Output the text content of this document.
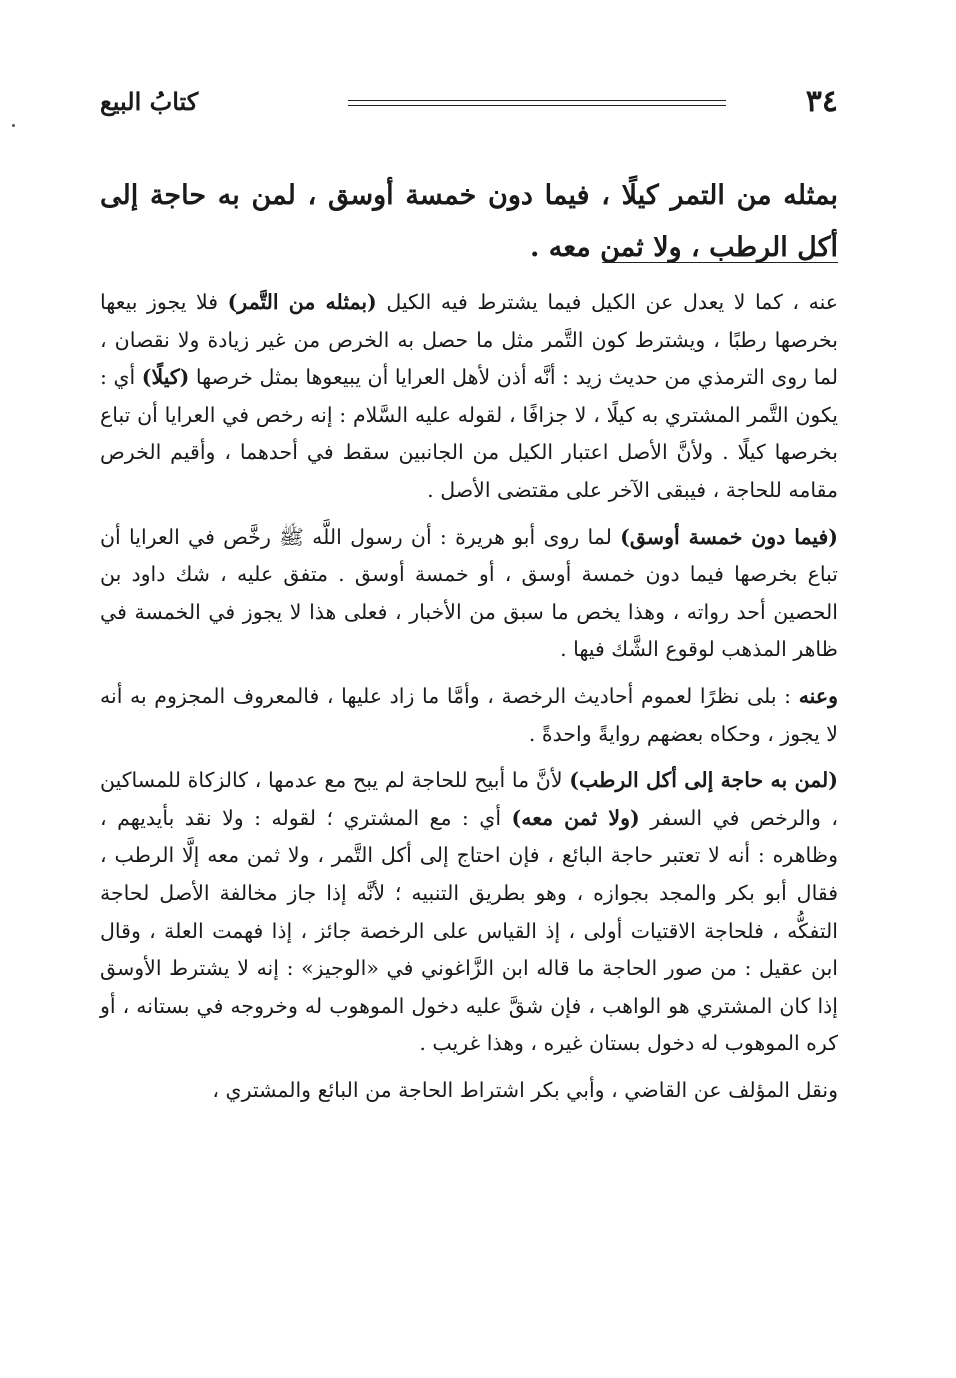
٣٤
كتابُ البيع
بمثله من التمر كيلًا ، فيما دون خمسة أوسق ، لمن به حاجة إلى أكل الرطب ، ولا ثمن معه .

عنه ، كما لا يعدل عن الكيل فيما يشترط فيه الكيل (بمثله من التَّمر) فلا يجوز بيعها بخرصها رطبًا ، ويشترط كون التَّمر مثل ما حصل به الخرص من غير زيادة ولا نقصان ، لما روى الترمذي من حديث زيد : أنَّه أذن لأهل العرايا أن يبيعوها بمثل خرصها (كيلًا) أي : يكون التَّمر المشتري به كيلًا ، لا جزافًا ، لقوله عليه السَّلام : إنه رخص في العرايا أن تباع بخرصها كيلًا . ولأنَّ الأصل اعتبار الكيل من الجانبين سقط في أحدهما ، وأقيم الخرص مقامه للحاجة ، فيبقى الآخر على مقتضى الأصل .

(فيما دون خمسة أوسق) لما روى أبو هريرة : أن رسول اللَّه ﷺ رخَّص في العرايا أن تباع بخرصها فيما دون خمسة أوسق ، أو خمسة أوسق . متفق عليه ، شك داود بن الحصين أحد رواته ، وهذا يخص ما سبق من الأخبار ، فعلى هذا لا يجوز في الخمسة في ظاهر المذهب لوقوع الشَّك فيها .

وعنه : بلى نظرًا لعموم أحاديث الرخصة ، وأمَّا ما زاد عليها ، فالمعروف المجزوم به أنه لا يجوز ، وحكاه بعضهم روايةً واحدةً .

(لمن به حاجة إلى أكل الرطب) لأنَّ ما أبيح للحاجة لم يبح مع عدمها ، كالزكاة للمساكين ، والرخص في السفر (ولا ثمن معه) أي : مع المشتري ؛ لقوله : ولا نقد بأيديهم ، وظاهره : أنه لا تعتبر حاجة البائع ، فإن احتاج إلى أكل التَّمر ، ولا ثمن معه إلَّا الرطب ، فقال أبو بكر والمجد بجوازه ، وهو بطريق التنبيه ؛ لأنَّه إذا جاز مخالفة الأصل لحاجة التفكُّه ، فلحاجة الاقتيات أولى ، إذ القياس على الرخصة جائز ، إذا فهمت العلة ، وقال ابن عقيل : من صور الحاجة ما قاله ابن الزَّاغوني في «الوجيز» : إنه لا يشترط الأوسق إذا كان المشتري هو الواهب ، فإن شقَّ عليه دخول الموهوب له وخروجه في بستانه ، أو كره الموهوب له دخول بستان غيره ، وهذا غريب .

ونقل المؤلف عن القاضي ، وأبي بكر اشتراط الحاجة من البائع والمشتري ،
